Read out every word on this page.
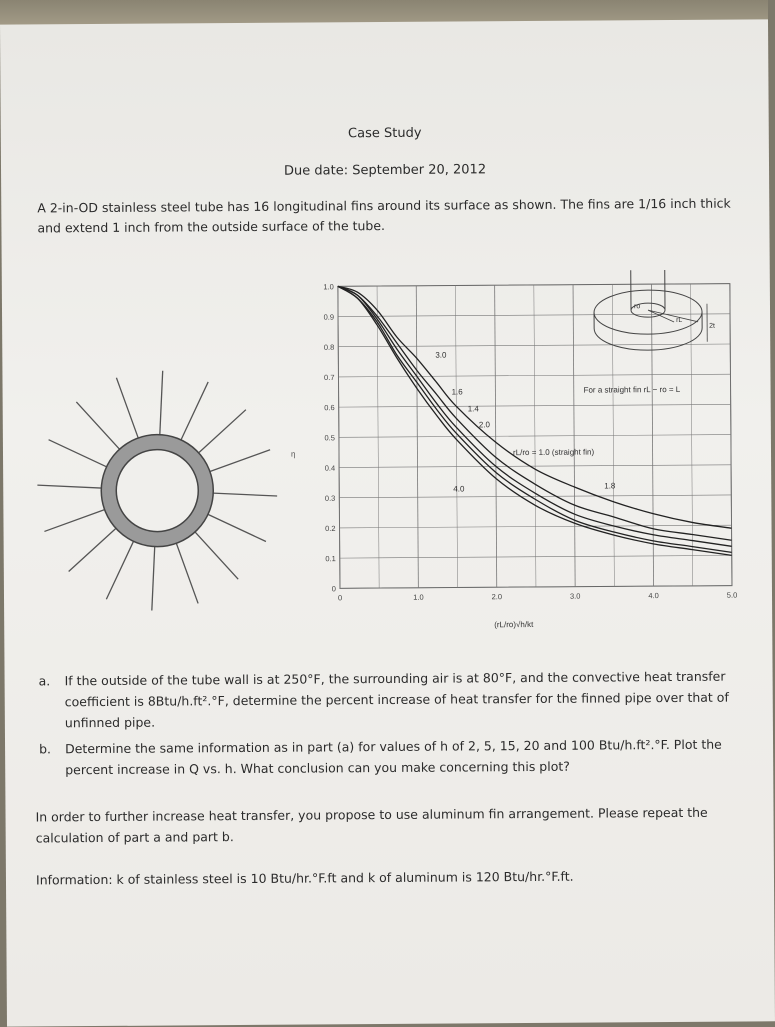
Case Study
Due date: September 20, 2012
A 2-in-OD stainless steel tube has 16 longitudinal fins around its surface as shown. The fins are 1/16 inch thick and extend 1 inch from the outside surface of the tube.
0
0.1
0.2
0.3
0.4
0.5
0.6
0.7
0.8
0.9
1.0
0	1.0	2.0	3.0	4.0	5.0
3.0
1.6
1.4
2.0
4.0	1.8
rL/ro = 1.0 (straight fin)
For a straight fin rL − ro = L
η
(rL/ro)√h/kt
ro
rL
2t
a. If the outside of the tube wall is at 250°F, the surrounding air is at 80°F, and the convective heat transfer coefficient is 8Btu/h.ft².°F, determine the percent increase of heat transfer for the finned pipe over that of unfinned pipe.
b. Determine the same information as in part (a) for values of h of 2, 5, 15, 20 and 100 Btu/h.ft².°F. Plot the percent increase in Q vs. h. What conclusion can you make concerning this plot?
In order to further increase heat transfer, you propose to use aluminum fin arrangement. Please repeat the calculation of part a and part b.
Information: k of stainless steel is 10 Btu/hr.°F.ft and k of aluminum is 120 Btu/hr.°F.ft.
